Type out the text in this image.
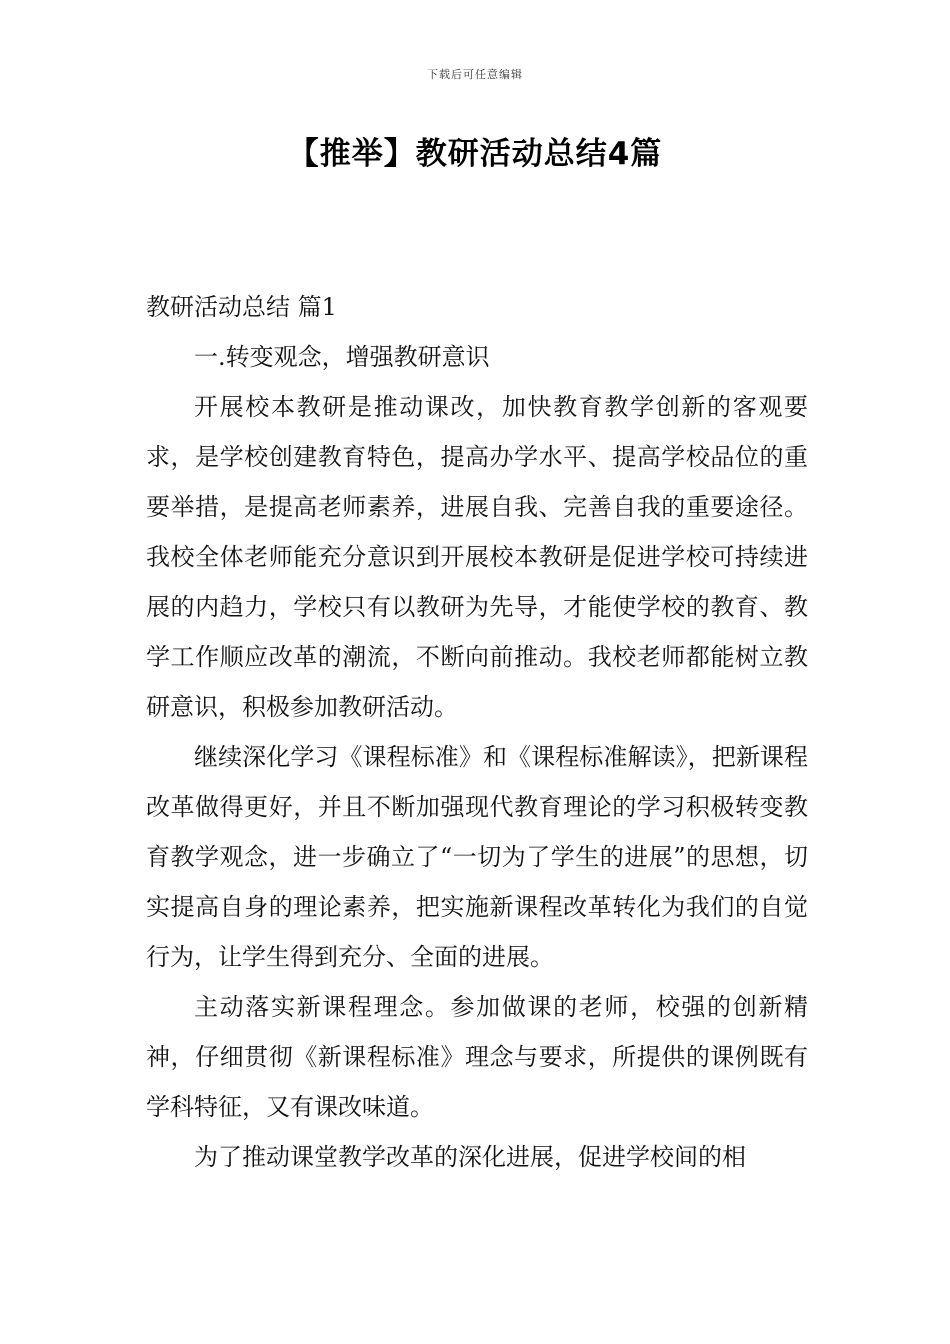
下载后可任意编辑
【推举】教研活动总结4篇

教研活动总结 篇1

一.转变观念，增强教研意识

开展校本教研是推动课改，加快教育教学创新的客观要求，是学校创建教育特色，提高办学水平、提高学校品位的重要举措，是提高老师素养，进展自我、完善自我的重要途径。我校全体老师能充分意识到开展校本教研是促进学校可持续进展的内趋力，学校只有以教研为先导，才能使学校的教育、教学工作顺应改革的潮流，不断向前推动。我校老师都能树立教研意识，积极参加教研活动。

继续深化学习《课程标准》和《课程标准解读》，把新课程改革做得更好，并且不断加强现代教育理论的学习积极转变教育教学观念，进一步确立了“一切为了学生的进展”的思想，切实提高自身的理论素养，把实施新课程改革转化为我们的自觉行为，让学生得到充分、全面的进展。

主动落实新课程理念。参加做课的老师，校强的创新精神，仔细贯彻《新课程标准》理念与要求，所提供的课例既有学科特征，又有课改味道。

为了推动课堂教学改革的深化进展，促进学校间的相
